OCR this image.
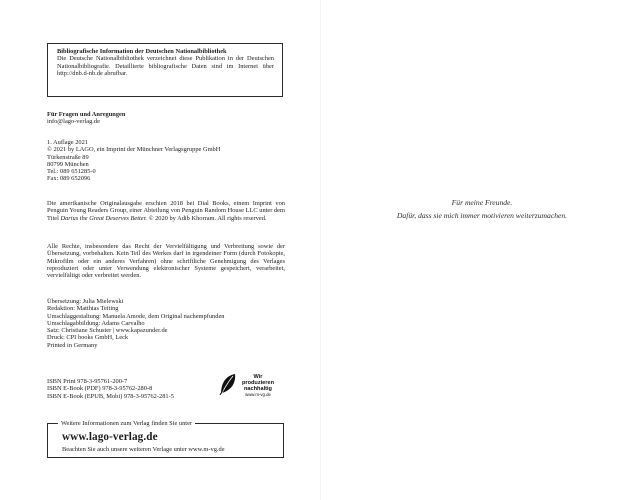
Bibliografische Information der Deutschen Nationalbibliothek
Die Deutsche Nationalbibliothek verzeichnet diese Publikation in der Deutschen Nationalbibliografie. Detaillierte bibliografische Daten sind im Internet über http://dnb.d-nb.de abrufbar.
Für Fragen und Anregungen
info@lago-verlag.de
1. Auflage 2021
© 2021 by LAGO, ein Imprint der Münchner Verlagsgruppe GmbH
Türkenstraße 89
80799 München
Tel.: 089 651285-0
Fax: 089 652096
Die amerikanische Originalausgabe erschien 2018 bei Dial Books, einem Imprint von Penguin Young Readers Group, einer Abteilung von Penguin Random House LLC unter dem Titel Darius the Great Deserves Better. © 2020 by Adib Khorram. All rights reserved.
Alle Rechte, insbesondere das Recht der Vervielfältigung und Verbreitung sowie der Übersetzung, vorbehalten. Kein Teil des Werkes darf in irgendeiner Form (durch Fotokopie, Mikrofilm oder ein anderes Verfahren) ohne schriftliche Genehmigung des Verlages reproduziert oder unter Verwendung elektronischer Systeme gespeichert, verarbeitet, vervielfältigt oder verbreitet werden.
Übersetzung: Julia Mielewski
Redaktion: Matthias Teiting
Umschlaggestaltung: Manuela Amode, dem Original nachempfunden
Umschlagabbildung: Adams Carvalho
Satz: Christiane Schuster | www.kapazunder.de
Druck: CPI books GmbH, Leck
Printed in Germany
ISBN Print 978-3-95761-200-7
ISBN E-Book (PDF) 978-3-95762-280-8
ISBN E-Book (EPUB, Mobi) 978-3-95762-281-5
Wir produzieren
nachhaltig
www.m-vg.de
Weitere Informationen zum Verlag finden Sie unter
www.lago-verlag.de
Beachten Sie auch unsere weiteren Verlage unter www.m-vg.de
Für meine Freunde.
Dafür, dass sie mich immer motivieren weiterzumachen.
